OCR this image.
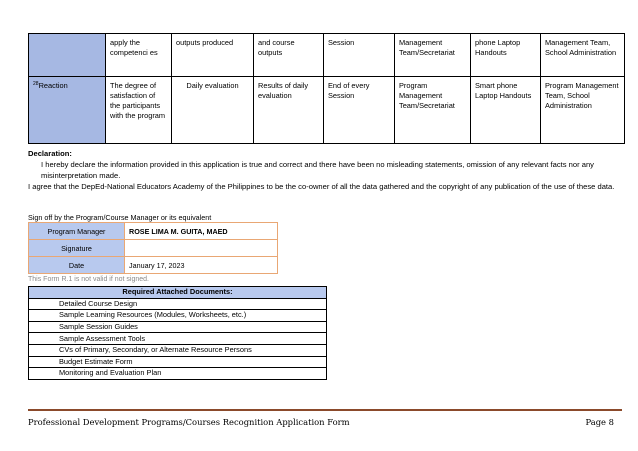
	apply the competenci es	outputs produced	and course outputs	Session	Management Team/Secretariat	phone Laptop Handouts	Management Team, School Administration
$^{28}$Reaction	The degree of satisfaction of the participants with the program	Daily evaluation	Results of daily evaluation	End of every Session	Program Management Team/Secretariat	Smart phone Laptop Handouts	Program Management Team, School Administration
Declaration:
I hereby declare the information provided in this application is true and correct and there have been no misleading statements, omission of any relevant facts nor any misinterpretation made.
I agree that the DepEd-National Educators Academy of the Philippines to be the co-owner of all the data gathered and the copyright of any publication of the use of these data.
Sign off by the Program/Course Manager or its equivalent
Program Manager	ROSE LIMA M. GUITA, MAED
Signature	
Date	January 17, 2023
This Form R.1 is not valid if not signed.
Required Attached Documents:
Detailed Course Design
Sample Learning Resources (Modules, Worksheets, etc.)
Sample Session Guides
Sample Assessment Tools
CVs of Primary, Secondary, or Alternate Resource Persons
Budget Estimate Form
Monitoring and Evaluation Plan
Professional Development Programs/Courses Recognition Application Form	Page 8
